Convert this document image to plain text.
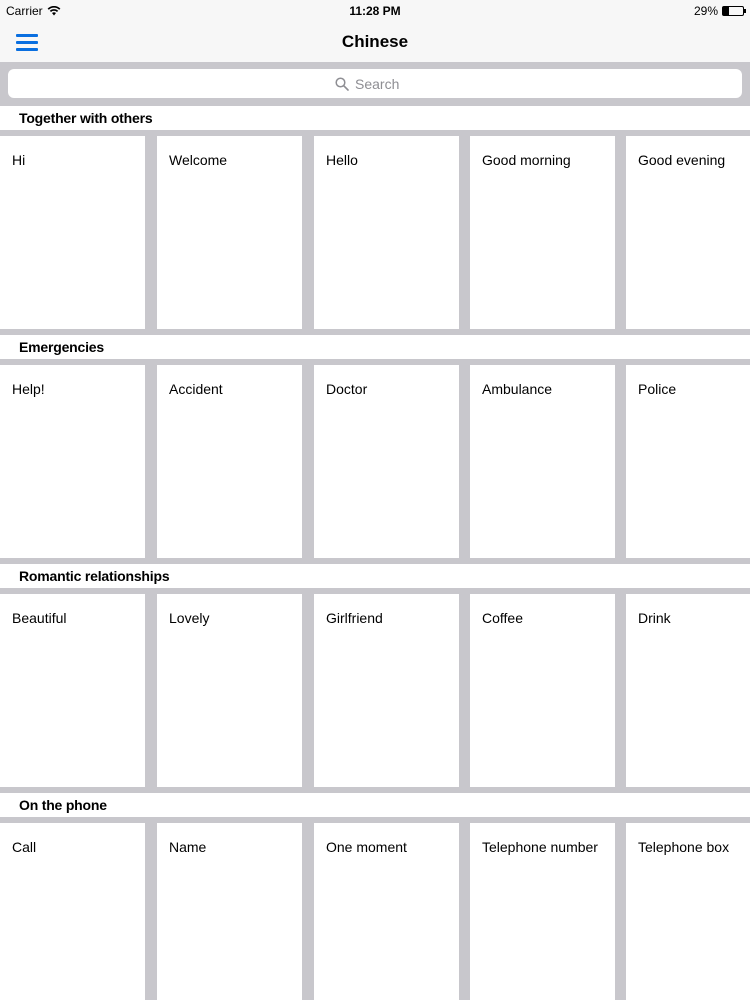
Carrier	11:28 PM	29%
Chinese
Search
Together with others
Hi	Welcome	Hello	Good morning	Good evening
Emergencies
Help!	Accident	Doctor	Ambulance	Police
Romantic relationships
Beautiful	Lovely	Girlfriend	Coffee	Drink
On the phone
Call	Name	One moment	Telephone number	Telephone box
